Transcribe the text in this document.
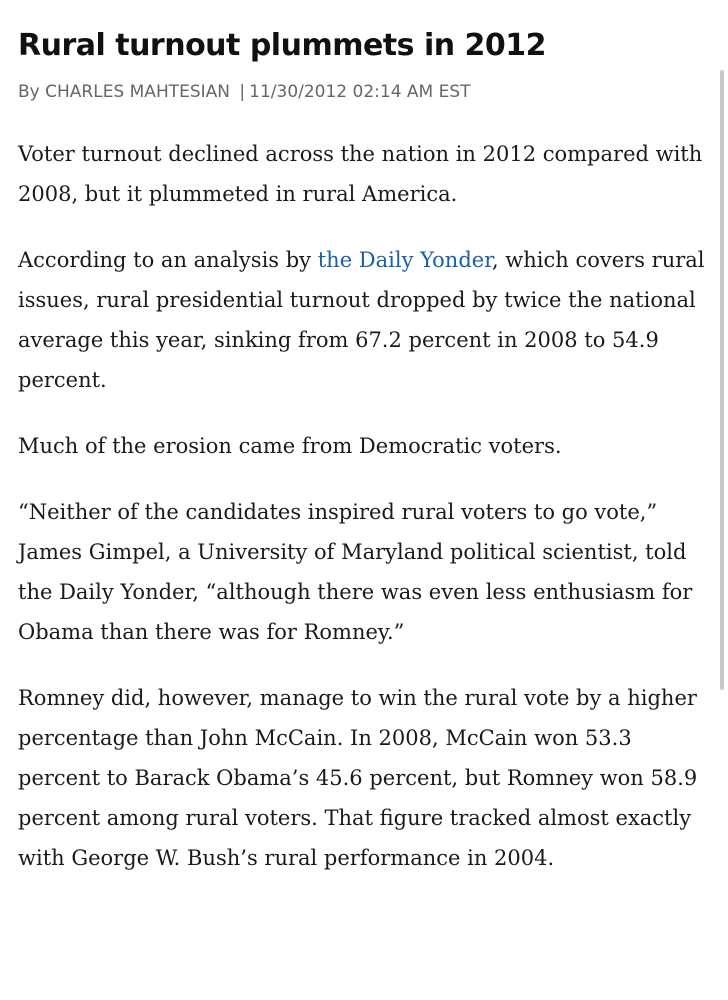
Rural turnout plummets in 2012
By CHARLES MAHTESIAN | 11/30/2012 02:14 AM EST

Voter turnout declined across the nation in 2012 compared with 2008, but it plummeted in rural America.

According to an analysis by the Daily Yonder, which covers rural issues, rural presidential turnout dropped by twice the national average this year, sinking from 67.2 percent in 2008 to 54.9 percent.

Much of the erosion came from Democratic voters.

“Neither of the candidates inspired rural voters to go vote,” James Gimpel, a University of Maryland political scientist, told the Daily Yonder, “although there was even less enthusiasm for Obama than there was for Romney.”

Romney did, however, manage to win the rural vote by a higher percentage than John McCain. In 2008, McCain won 53.3 percent to Barack Obama’s 45.6 percent, but Romney won 58.9 percent among rural voters. That figure tracked almost exactly with George W. Bush’s rural performance in 2004.
